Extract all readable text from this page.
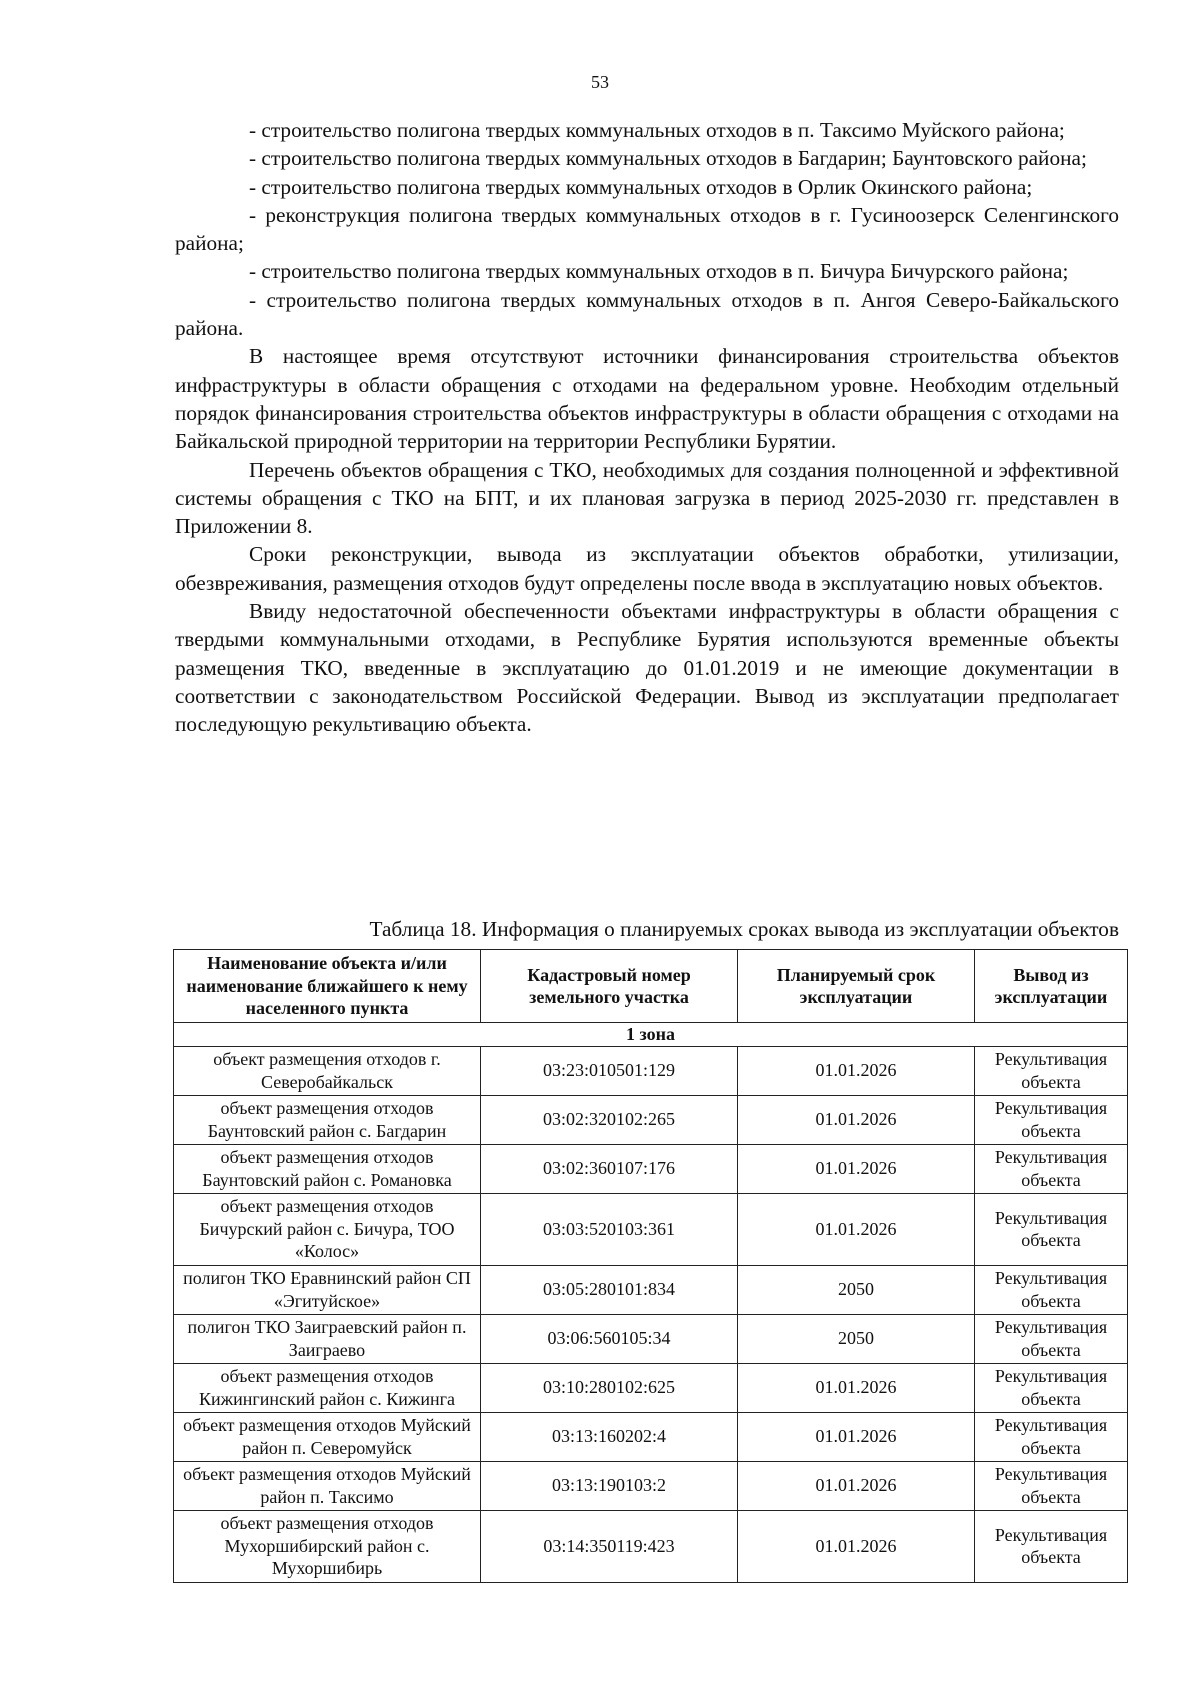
53

- строительство полигона твердых коммунальных отходов в п. Таксимо Муйского района;

- строительство полигона твердых коммунальных отходов в Багдарин; Баунтовского района;

- строительство полигона твердых коммунальных отходов в Орлик Окинского района;

- реконструкция полигона твердых коммунальных отходов в г. Гусиноозерск Селенгинского района;

- строительство полигона твердых коммунальных отходов в п. Бичура Бичурского района;

- строительство полигона твердых коммунальных отходов в п. Ангоя Северо-Байкальского района.

В настоящее время отсутствуют источники финансирования строительства объектов инфраструктуры в области обращения с отходами на федеральном уровне. Необходим отдельный порядок финансирования строительства объектов инфраструктуры в области обращения с отходами на Байкальской природной территории на территории Республики Бурятии.

Перечень объектов обращения с ТКО, необходимых для создания полноценной и эффективной системы обращения с ТКО на БПТ, и их плановая загрузка в период 2025-2030 гг. представлен в Приложении 8.

Сроки реконструкции, вывода из эксплуатации объектов обработки, утилизации, обезвреживания, размещения отходов будут определены после ввода в эксплуатацию новых объектов.

Ввиду недостаточной обеспеченности объектами инфраструктуры в области обращения с твердыми коммунальными отходами, в Республике Бурятия используются временные объекты размещения ТКО, введенные в эксплуатацию до 01.01.2019 и не имеющие документации в соответствии с законодательством Российской Федерации. Вывод из эксплуатации предполагает последующую рекультивацию объекта.

Таблица 18. Информация о планируемых сроках вывода из эксплуатации объектов
Наименование объекта и/или наименование ближайшего к нему населенного пункта	Кадастровый номер земельного участка	Планируемый срок эксплуатации	Вывод из эксплуатации
1 зона			
объект размещения отходов г. Северобайкальск	03:23:010501:129	01.01.2026	Рекультивация объекта
объект размещения отходов Баунтовский район с. Багдарин	03:02:320102:265	01.01.2026	Рекультивация объекта
объект размещения отходов Баунтовский район с. Романовка	03:02:360107:176	01.01.2026	Рекультивация объекта
объект размещения отходов Бичурский район с. Бичура, ТОО «Колос»	03:03:520103:361	01.01.2026	Рекультивация объекта
полигон ТКО Еравнинский район СП «Эгитуйское»	03:05:280101:834	2050	Рекультивация объекта
полигон ТКО Заиграевский район п. Заиграево	03:06:560105:34	2050	Рекультивация объекта
объект размещения отходов Кижингинский район с. Кижинга	03:10:280102:625	01.01.2026	Рекультивация объекта
объект размещения отходов Муйский район п. Северомуйск	03:13:160202:4	01.01.2026	Рекультивация объекта
объект размещения отходов Муйский район п. Таксимо	03:13:190103:2	01.01.2026	Рекультивация объекта
объект размещения отходов Мухоршибирский район с. Мухоршибирь	03:14:350119:423	01.01.2026	Рекультивация объекта
